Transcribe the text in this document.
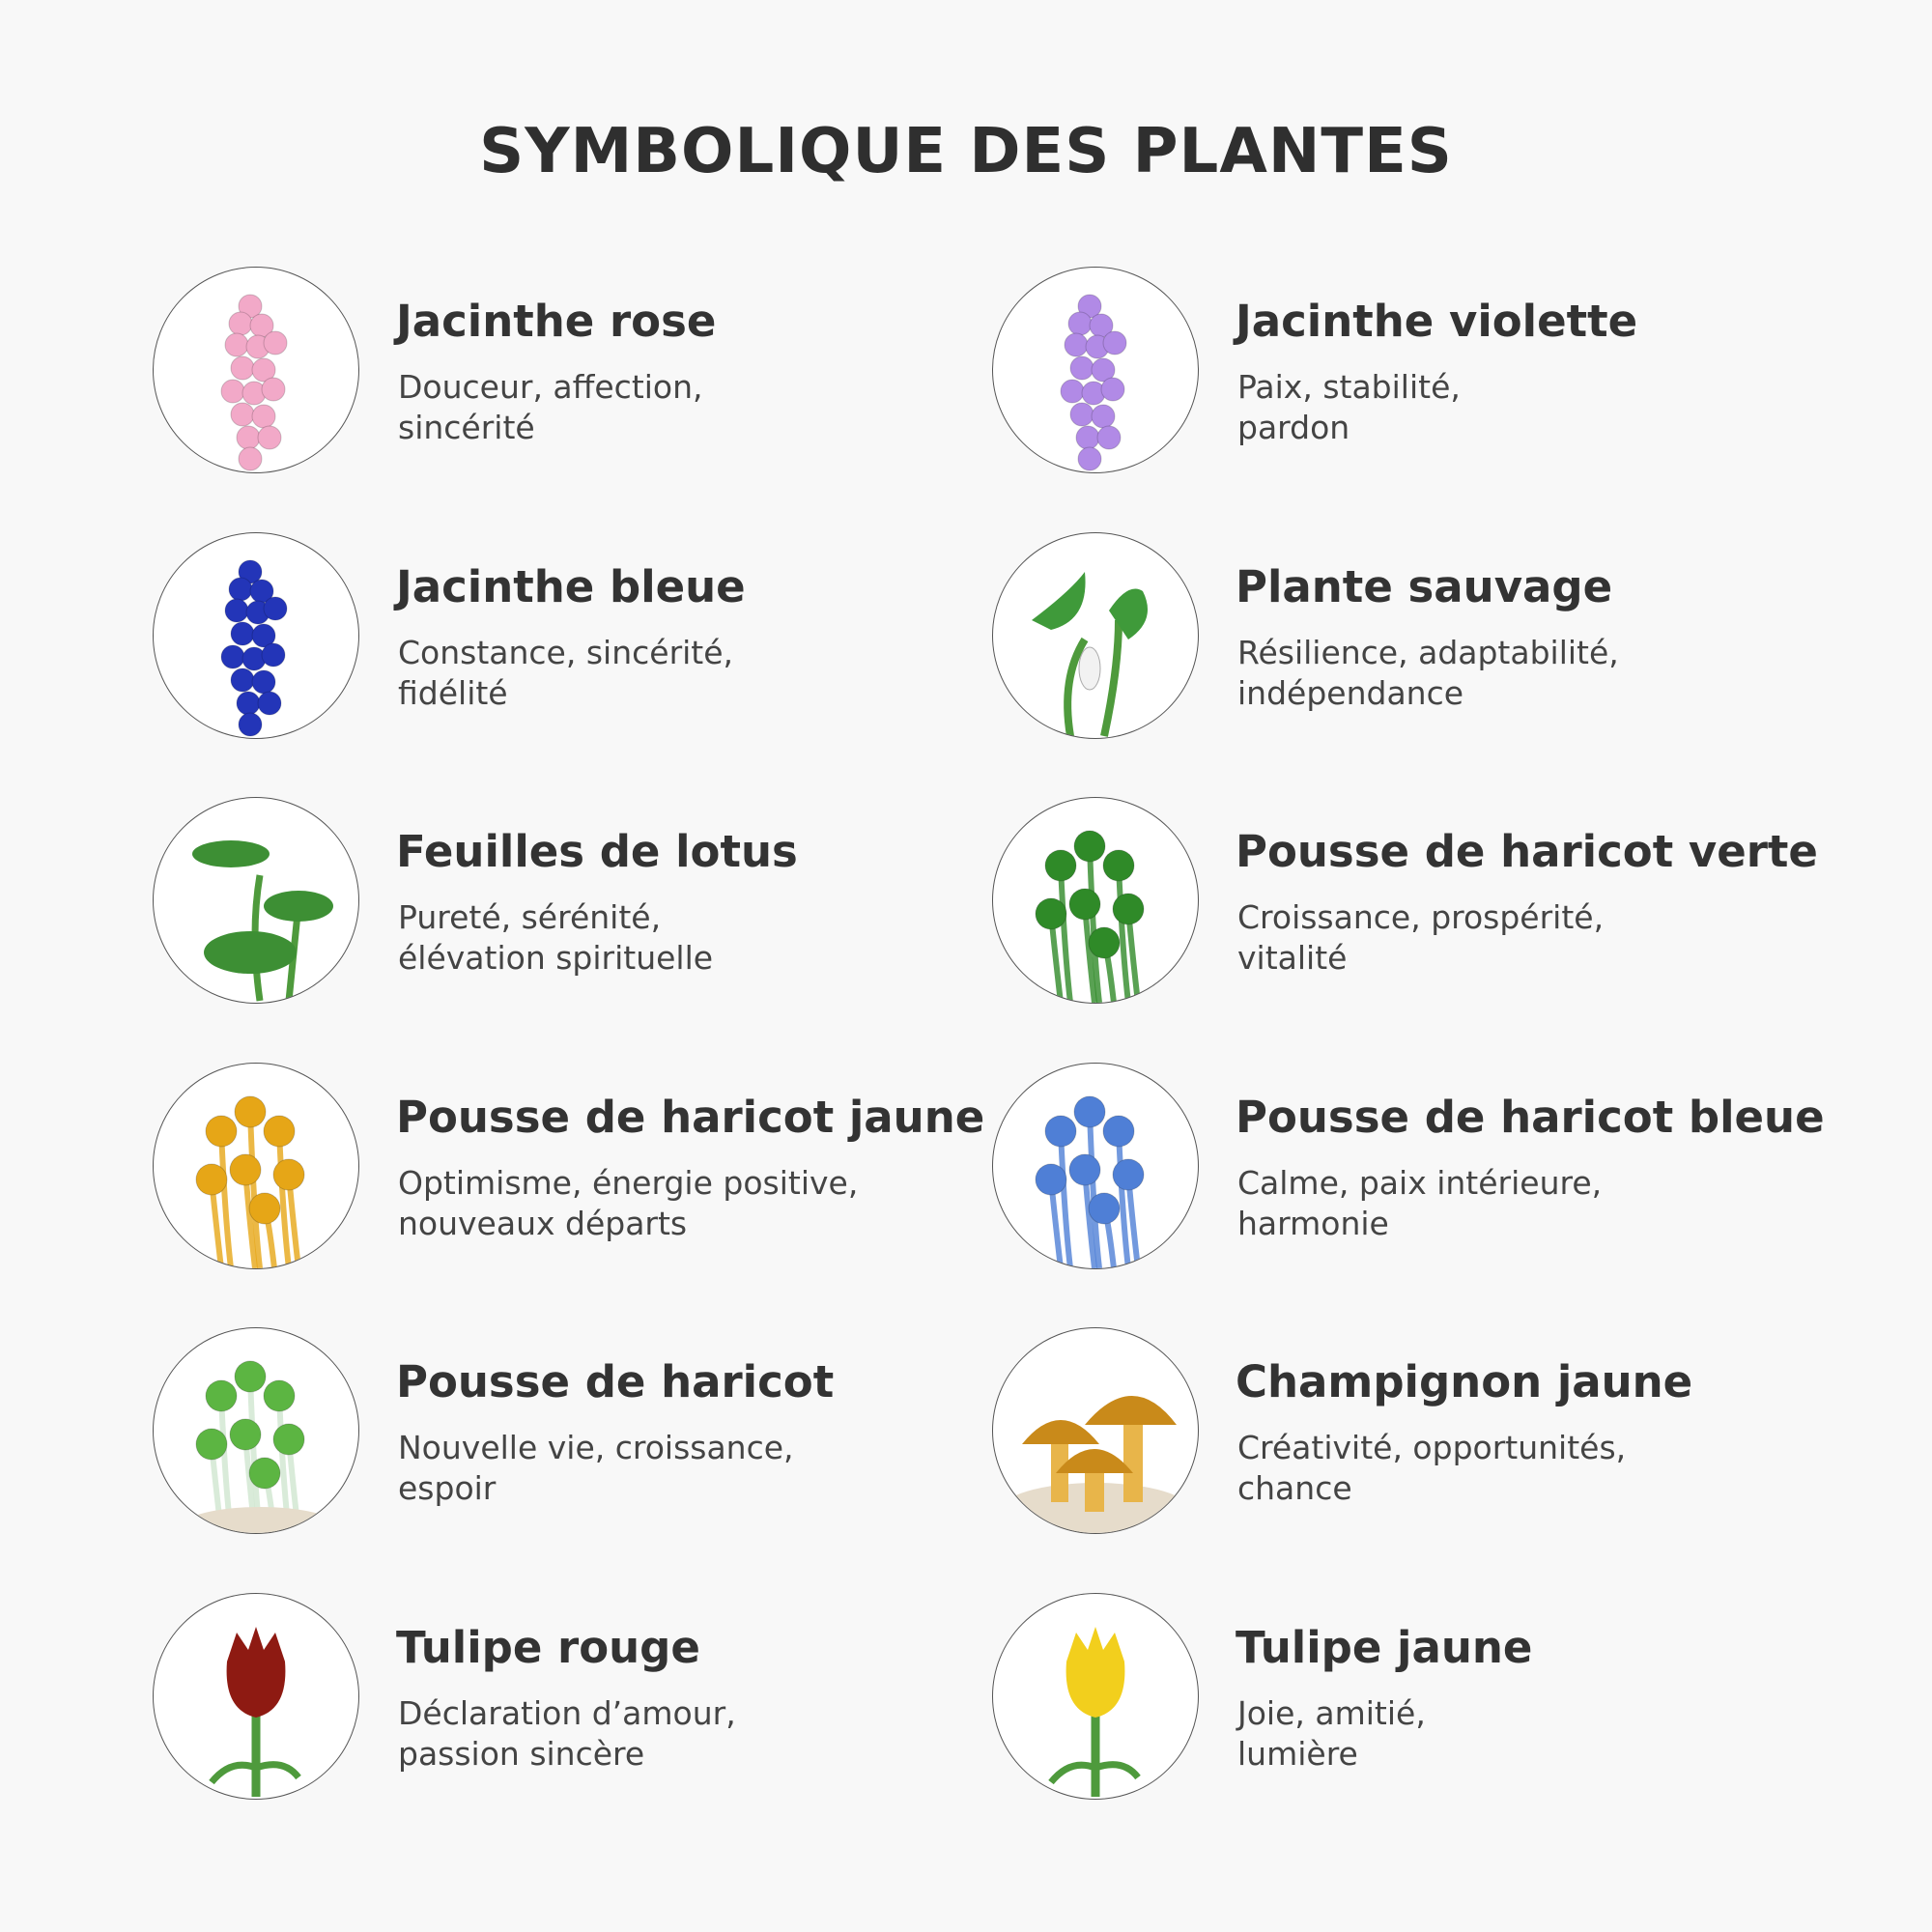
SYMBOLIQUE DES PLANTES
Jacinthe rose
Douceur, affection,
sincérité
Jacinthe violette
Paix, stabilité,
pardon
Jacinthe bleue
Constance, sincérité,
fidélité
Plante sauvage
Résilience, adaptabilité,
indépendance
Feuilles de lotus
Pureté, sérénité,
élévation spirituelle
Pousse de haricot verte
Croissance, prospérité,
vitalité
Pousse de haricot jaune
Optimisme, énergie positive,
nouveaux départs
Pousse de haricot bleue
Calme, paix intérieure,
harmonie
Pousse de haricot
Nouvelle vie, croissance,
espoir
Champignon jaune
Créativité, opportunités,
chance
Tulipe rouge
Déclaration d’amour,
passion sincère
Tulipe jaune
Joie, amitié,
lumière
